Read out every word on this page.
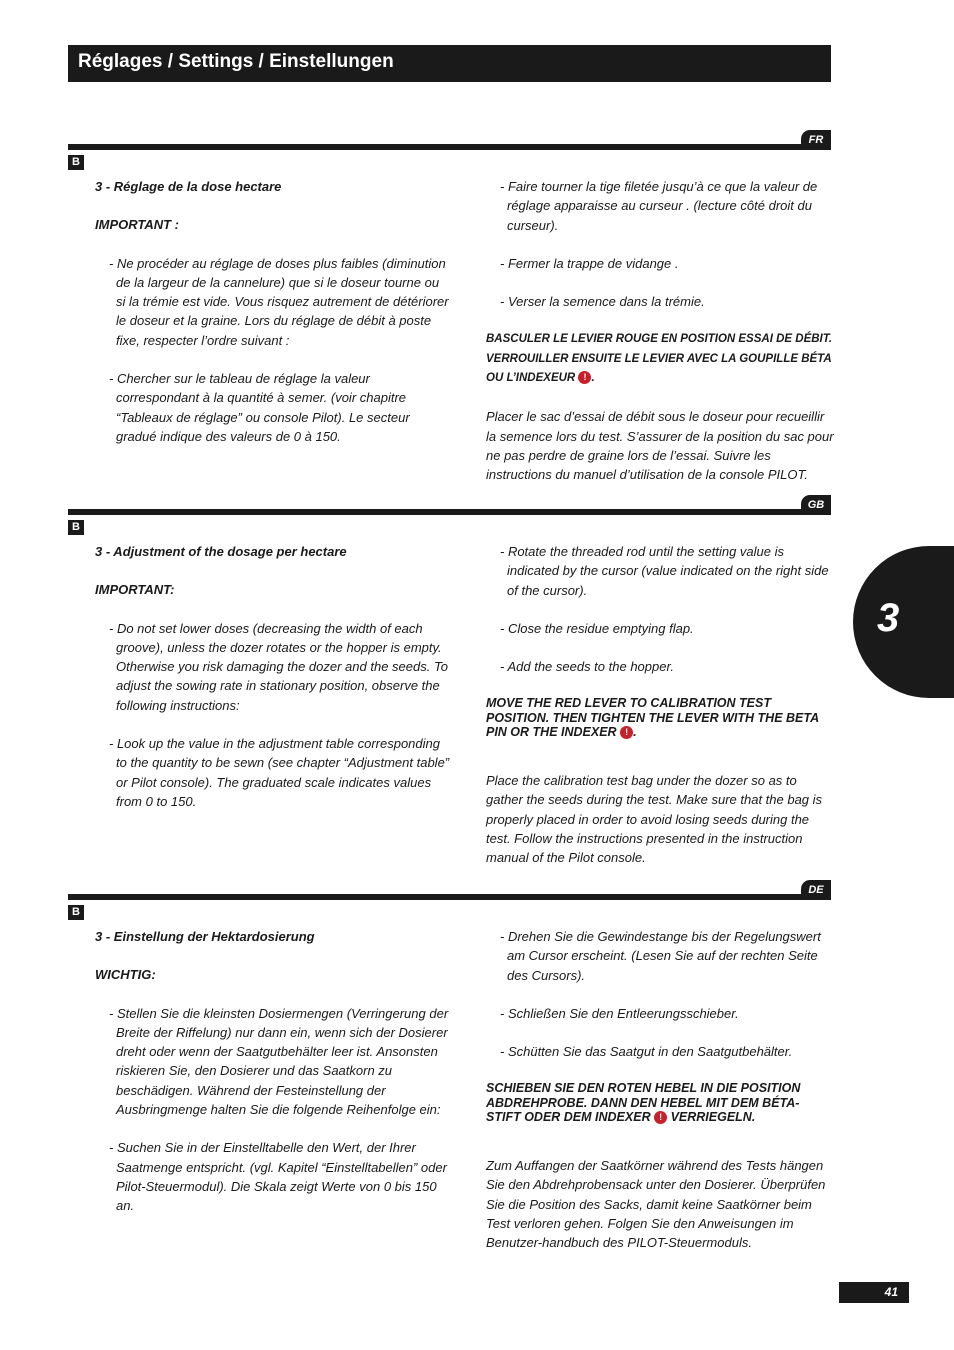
Réglages / Settings / Einstellungen
FR
B

3 - Réglage de la dose hectare

IMPORTANT :

- Ne procéder au réglage de doses plus faibles (diminution de la largeur de la cannelure) que si le doseur tourne ou si la trémie est vide. Vous risquez autrement de détériorer le doseur et la graine. Lors du réglage de débit à poste fixe, respecter l’ordre suivant :

- Chercher sur le tableau de réglage la valeur correspondant à la quantité à semer. (voir chapitre “Tableaux de réglage” ou console Pilot). Le secteur gradué indique des valeurs de 0 à 150.

- Faire tourner la tige filetée jusqu’à ce que la valeur de réglage apparaisse au curseur . (lecture côté droit du curseur).

- Fermer la trappe de vidange .

- Verser la semence dans la trémie.

BASCULER LE LEVIER ROUGE EN POSITION ESSAI DE DÉBIT. VERROUILLER ENSUITE LE LEVIER AVEC LA GOUPILLE BÉTA OU L’INDEXEUR ! .

Placer le sac d’essai de débit sous le doseur pour recueillir la semence lors du test. S’assurer de la position du sac pour ne pas perdre de graine lors de l’essai. Suivre les instructions du manuel d’utilisation de la console PILOT.

GB
B

3 - Adjustment of the dosage per hectare

IMPORTANT:

- Do not set lower doses (decreasing the width of each groove), unless the dozer rotates or the hopper is empty. Otherwise you risk damaging the dozer and the seeds. To adjust the sowing rate in stationary position, observe the following instructions:

- Look up the value in the adjustment table corresponding to the quantity to be sewn (see chapter “Adjustment table” or Pilot console). The graduated scale indicates values from 0 to 150.

- Rotate the threaded rod until the setting value is indicated by the cursor (value indicated on the right side of the cursor).

- Close the residue emptying flap.

- Add the seeds to the hopper.

MOVE THE RED LEVER TO CALIBRATION TEST POSITION. THEN TIGHTEN THE LEVER WITH THE BETA PIN OR THE INDEXER ! .

Place the calibration test bag under the dozer so as to gather the seeds during the test. Make sure that the bag is properly placed in order to avoid losing seeds during the test. Follow the instructions presented in the instruction manual of the Pilot console.

DE
B

3 - Einstellung der Hektardosierung

WICHTIG:

- Stellen Sie die kleinsten Dosiermengen (Verringerung der Breite der Riffelung) nur dann ein, wenn sich der Dosierer dreht oder wenn der Saatgutbehälter leer ist. Ansonsten riskieren Sie, den Dosierer und das Saatkorn zu beschädigen. Während der Festeinstellung der Ausbringmenge halten Sie die folgende Reihenfolge ein:

- Suchen Sie in der Einstelltabelle den Wert, der Ihrer Saatmenge entspricht. (vgl. Kapitel “Einstelltabellen” oder Pilot-Steuermodul). Die Skala zeigt Werte von 0 bis 150 an.

- Drehen Sie die Gewindestange bis der Regelungswert am Cursor erscheint. (Lesen Sie auf der rechten Seite des Cursors).

- Schließen Sie den Entleerungsschieber.

- Schütten Sie das Saatgut in den Saatgutbehälter.

SCHIEBEN SIE DEN ROTEN HEBEL IN DIE POSITION ABDREHPROBE. DANN DEN HEBEL MIT DEM BÉTA-STIFT ODER DEM INDEXER ! VERRIEGELN.

Zum Auffangen der Saatkörner während des Tests hängen Sie den Abdrehprobensack unter den Dosierer. Überprüfen Sie die Position des Sacks, damit keine Saatkörner beim Test verloren gehen. Folgen Sie den Anweisungen im Benutzer-handbuch des PILOT-Steuermoduls.

3
41
